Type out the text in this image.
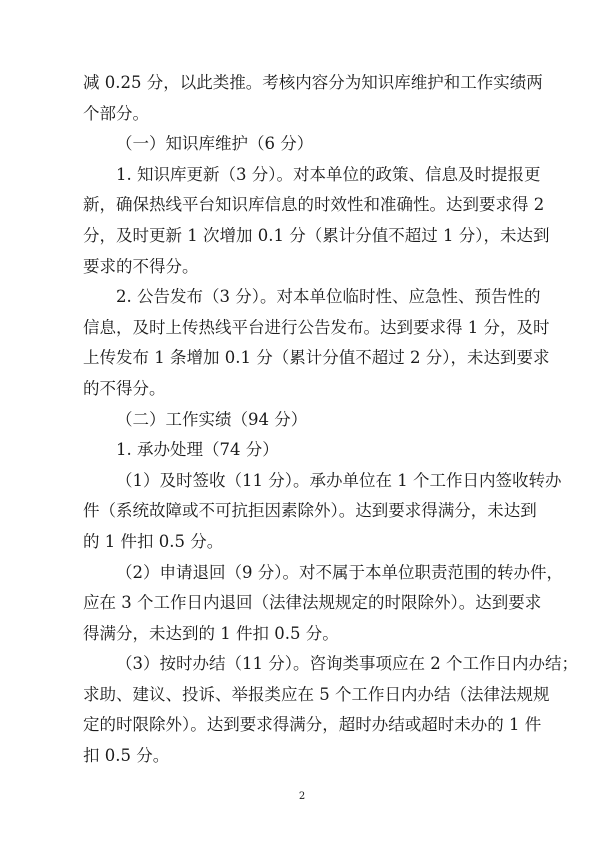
减 0.25 分，以此类推。考核内容分为知识库维护和工作实绩两
个部分。
（一）知识库维护（6 分）
1. 知识库更新（3 分）。对本单位的政策、信息及时提报更
新，确保热线平台知识库信息的时效性和准确性。达到要求得 2
分，及时更新 1 次增加 0.1 分（累计分值不超过 1 分），未达到
要求的不得分。
2. 公告发布（3 分）。对本单位临时性、应急性、预告性的
信息，及时上传热线平台进行公告发布。达到要求得 1 分，及时
上传发布 1 条增加 0.1 分（累计分值不超过 2 分），未达到要求
的不得分。
（二）工作实绩（94 分）
1. 承办处理（74 分）
（1）及时签收（11 分）。承办单位在 1 个工作日内签收转办
件（系统故障或不可抗拒因素除外）。达到要求得满分，未达到
的 1 件扣 0.5 分。
（2）申请退回（9 分）。对不属于本单位职责范围的转办件，
应在 3 个工作日内退回（法律法规规定的时限除外）。达到要求
得满分，未达到的 1 件扣 0.5 分。
（3）按时办结（11 分）。咨询类事项应在 2 个工作日内办结；
求助、建议、投诉、举报类应在 5 个工作日内办结（法律法规规
定的时限除外）。达到要求得满分，超时办结或超时未办的 1 件
扣 0.5 分。
2
